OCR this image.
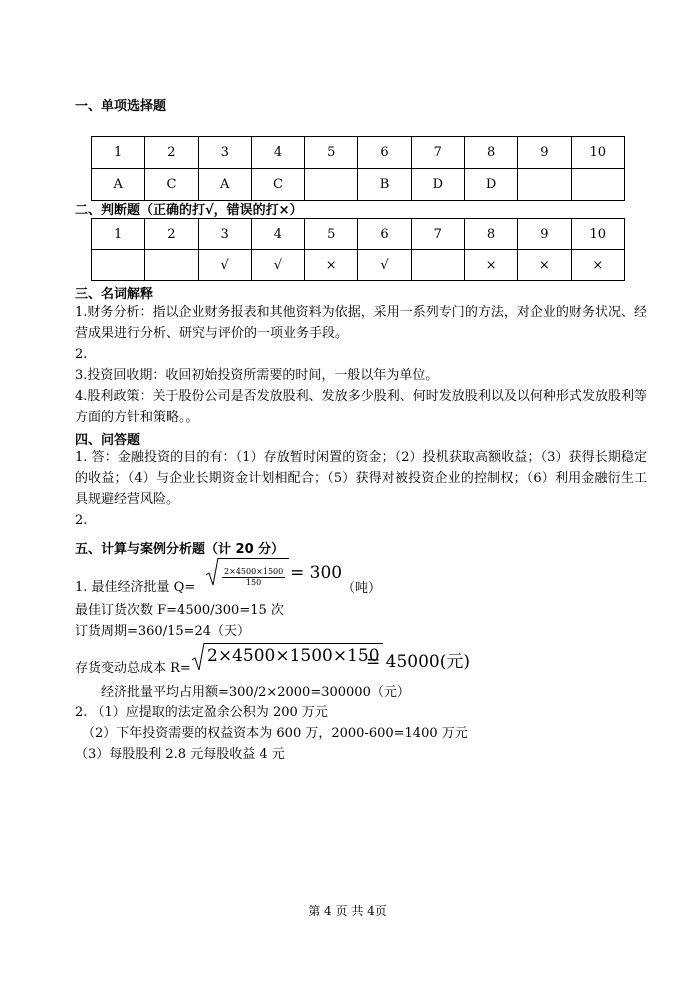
一、单项选择题
1	2	3	4	5	6	7	8	9	10
A	C	A	C		B	D	D		
二、判断题（正确的打√，错误的打×）
1	2	3	4	5	6	7	8	9	10
		√	√	×	√		×	×	×
三、名词解释
1.财务分析：指以企业财务报表和其他资料为依据，采用一系列专门的方法，对企业的财务状况、经营成果进行分析、研究与评价的一项业务手段。
2.
3.投资回收期：收回初始投资所需要的时间，一般以年为单位。
4.股利政策：关于股份公司是否发放股利、发放多少股利、何时发放股利以及以何种形式发放股利等方面的方针和策略。。
四、问答题
1. 答：金融投资的目的有：（1）存放暂时闲置的资金；（2）投机获取高额收益；（3）获得长期稳定的收益；（4）与企业长期资金计划相配合；（5）获得对被投资企业的控制权；（6）利用金融衍生工具规避经营风险。
2.
五、计算与案例分析题（计 20 分）
1. 最佳经济批量 Q=	$\frac{2\times 4500\times 1500}{150} = 300$
（吨）
最佳订货次数 F=4500/300=15 次
订货周期=360/15=24（天）
存货变动总成本 R=
2×4500×1500×150
= 45000(元)
经济批量平均占用额=300/2×2000=300000（元）
2. （1）应提取的法定盈余公积为 200 万元
（2）下年投资需要的权益资本为 600 万，2000-600=1400 万元
（3）每股股利 2.8 元每股收益 4 元
第 4 页 共 4页
